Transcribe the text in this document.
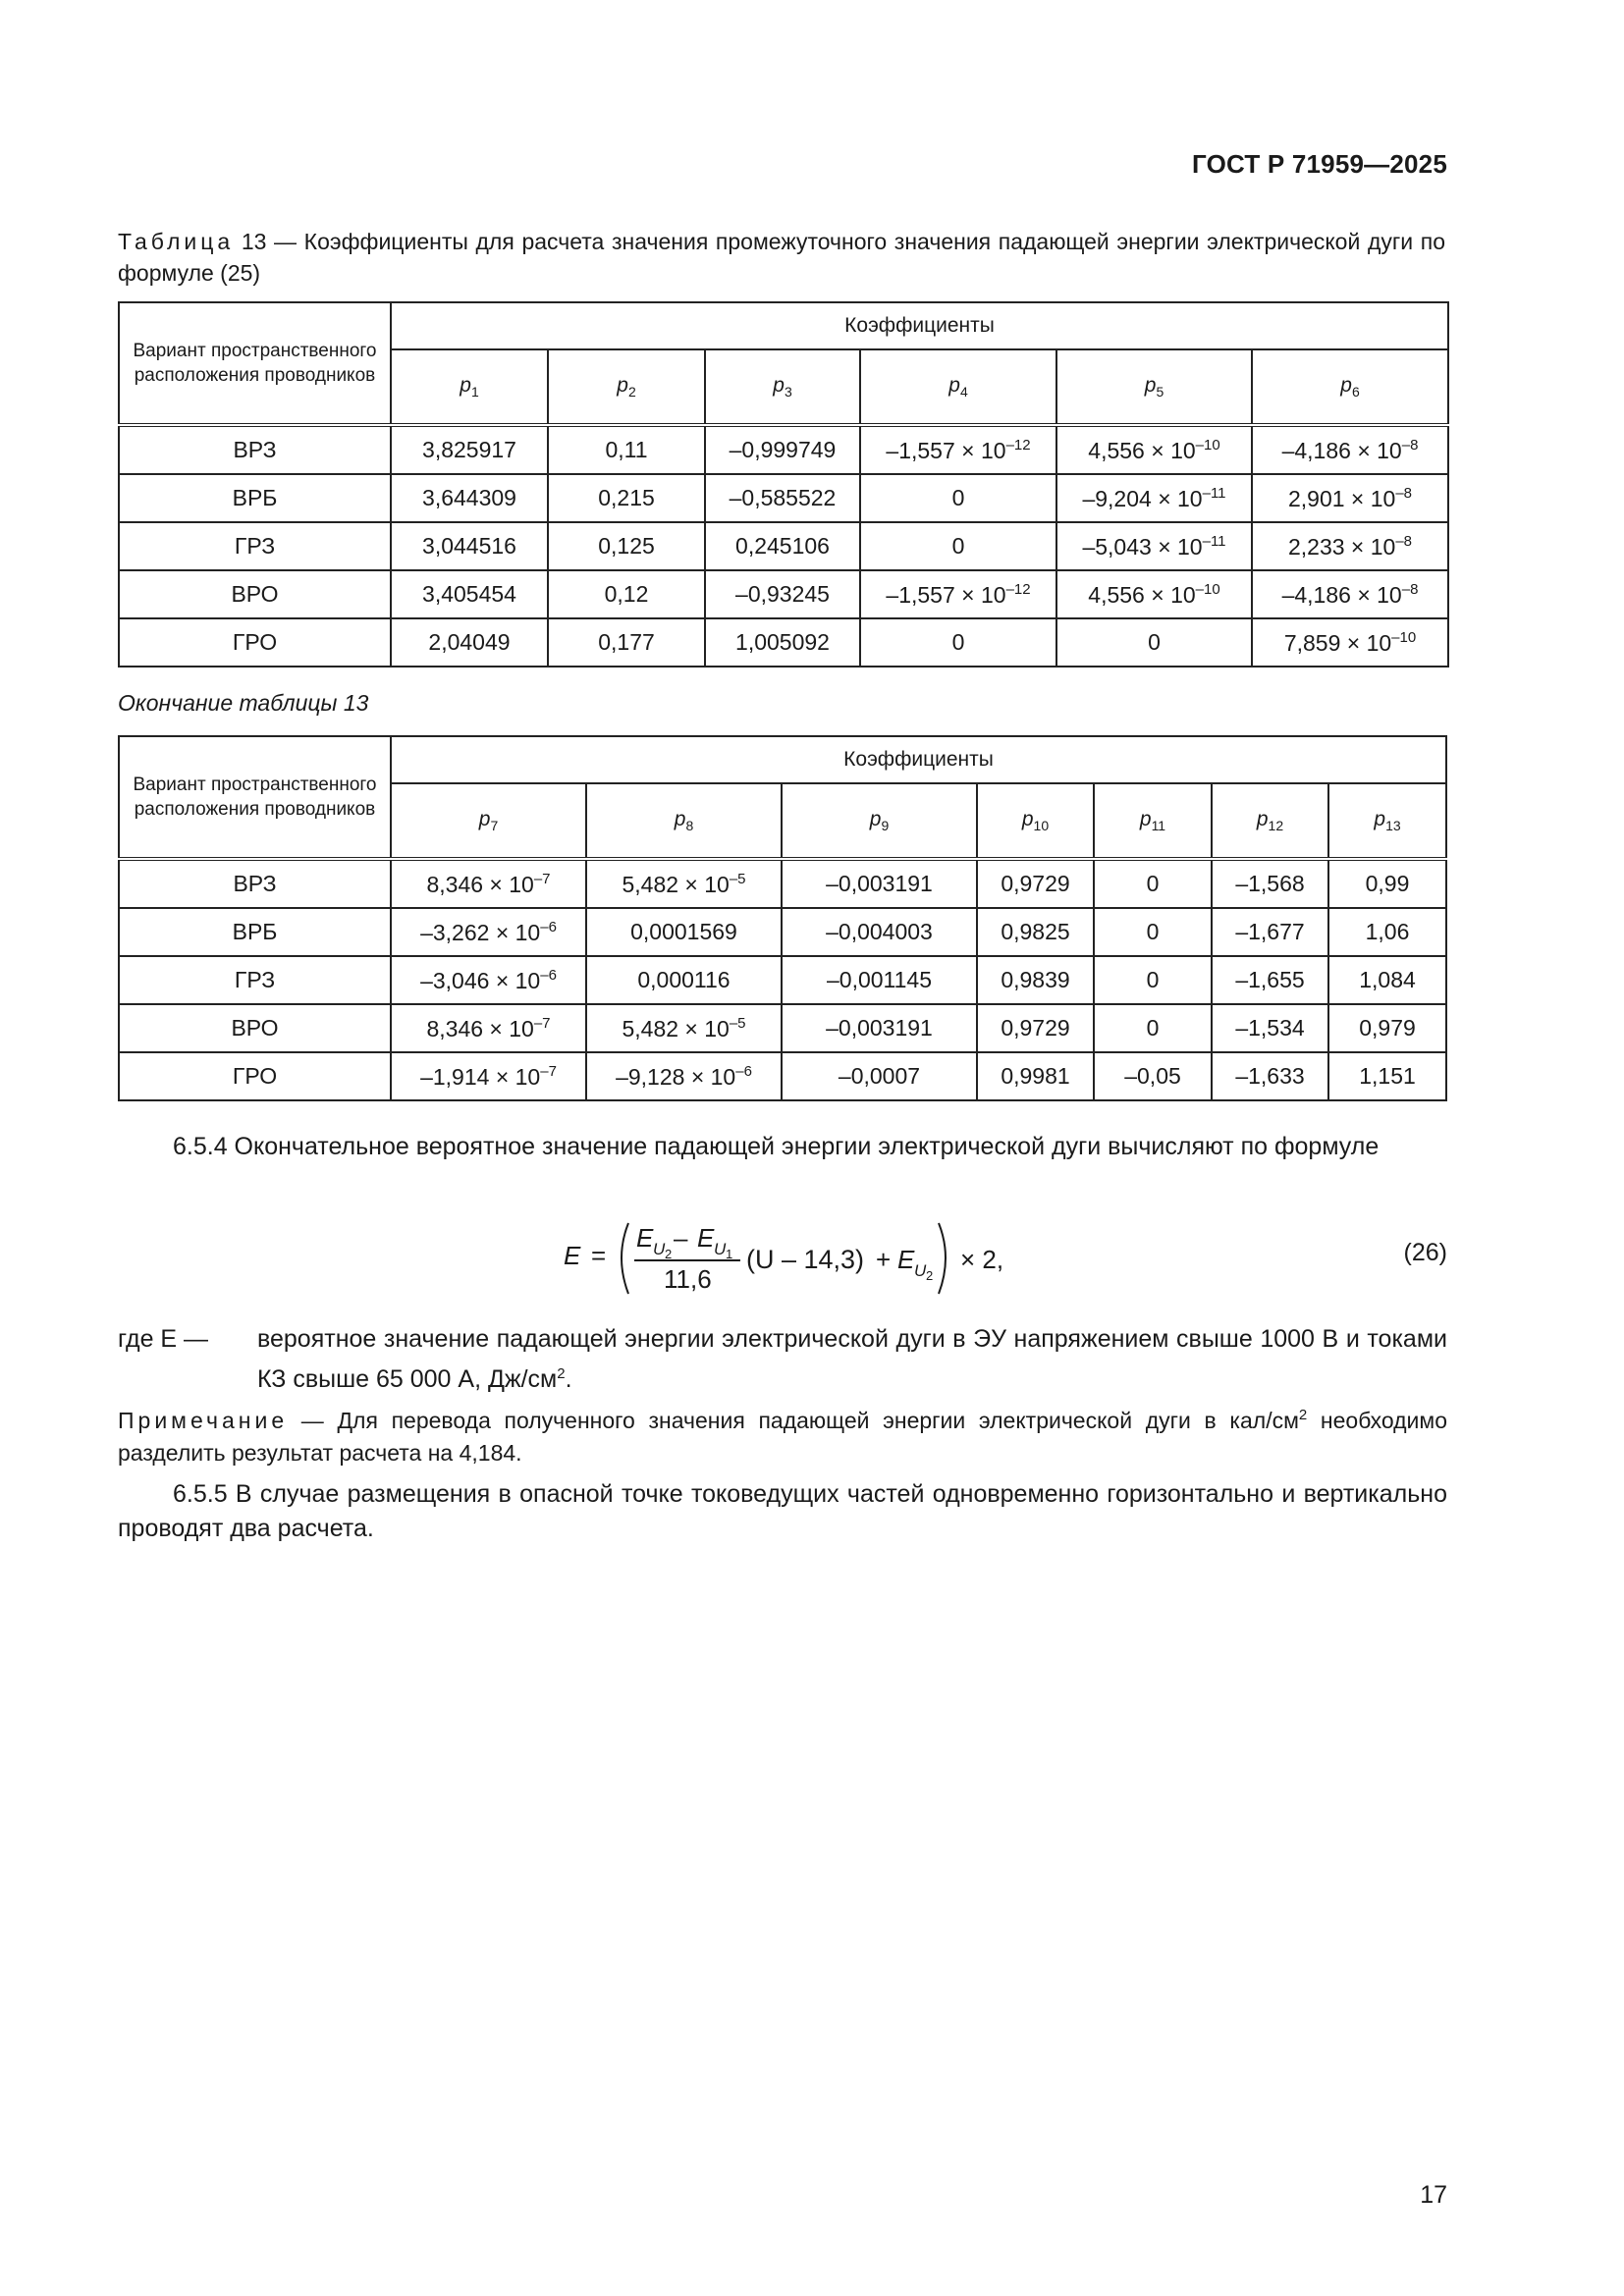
ГОСТ Р 71959—2025
Таблица 13 — Коэффициенты для расчета значения промежуточного значения падающей энергии электрической дуги по формуле (25)
Вариант пространственного расположения проводников	Коэффициенты					
	$p_1$	$p_2$	$p_3$	$p_4$	$p_5$	$p_6$
ВРЗ	3,825917	0,11	–0,999749	$-1,557 \times 10^{-12}$	$4,556 \times 10^{-10}$	$-4,186 \times 10^{-8}$
ВРБ	3,644309	0,215	–0,585522	0	$-9,204 \times 10^{-11}$	$2,901 \times 10^{-8}$
ГРЗ	3,044516	0,125	0,245106	0	$-5,043 \times 10^{-11}$	$2,233 \times 10^{-8}$
ВРО	3,405454	0,12	–0,93245	$-1,557 \times 10^{-12}$	$4,556 \times 10^{-10}$	$-4,186 \times 10^{-8}$
ГРО	2,04049	0,177	1,005092	0	0	$7,859 \times 10^{-10}$
Окончание таблицы 13
Вариант пространственного расположения проводников	Коэффициенты						
	$p_7$	$p_8$	$p_9$	$p_{10}$	$p_{11}$	$p_{12}$	$p_{13}$
ВРЗ	$8,346 \times 10^{-7}$	$5,482 \times 10^{-5}$	–0,003191	0,9729	0	–1,568	0,99
ВРБ	$-3,262 \times 10^{-6}$	0,0001569	–0,004003	0,9825	0	–1,677	1,06
ГРЗ	$-3,046 \times 10^{-6}$	0,000116	–0,001145	0,9839	0	–1,655	1,084
ВРО	$8,346 \times 10^{-7}$	$5,482 \times 10^{-5}$	–0,003191	0,9729	0	–1,534	0,979
ГРО	$-1,914 \times 10^{-7}$	$-9,128 \times 10^{-6}$	–0,0007	0,9981	–0,05	–1,633	1,151
6.5.4 Окончательное вероятное значение падающей энергии электрической дуги вычисляют по формуле
E =
E U 2
– E U 1
11,6
(U – 14,3) + E U 2
× 2,	(26)
где E — вероятное значение падающей энергии электрической дуги в ЭУ напряжением свыше 1000 В и токами КЗ свыше 65 000 А, $Дж/см^2$.
Примечание — Для перевода полученного значения падающей энергии электрической дуги в кал/$см^2$ необходимо разделить результат расчета на 4,184.
6.5.5 В случае размещения в опасной точке токоведущих частей одновременно горизонтально и вертикально проводят два расчета.
17
